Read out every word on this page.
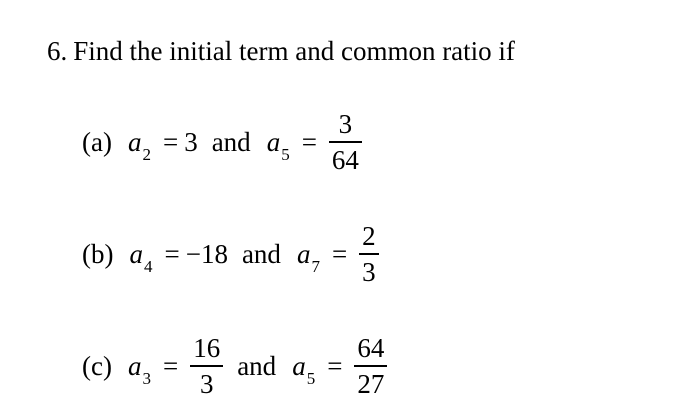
6. Find the initial term and common ratio if
(a) $a_2 = 3$ and $a_5 = \frac{3}{64}$
(b) $a_4 = -18$ and $a_7 = \frac{2}{3}$
(c) $a_3 = \frac{16}{3}$ and $a_5 = \frac{64}{27}$
